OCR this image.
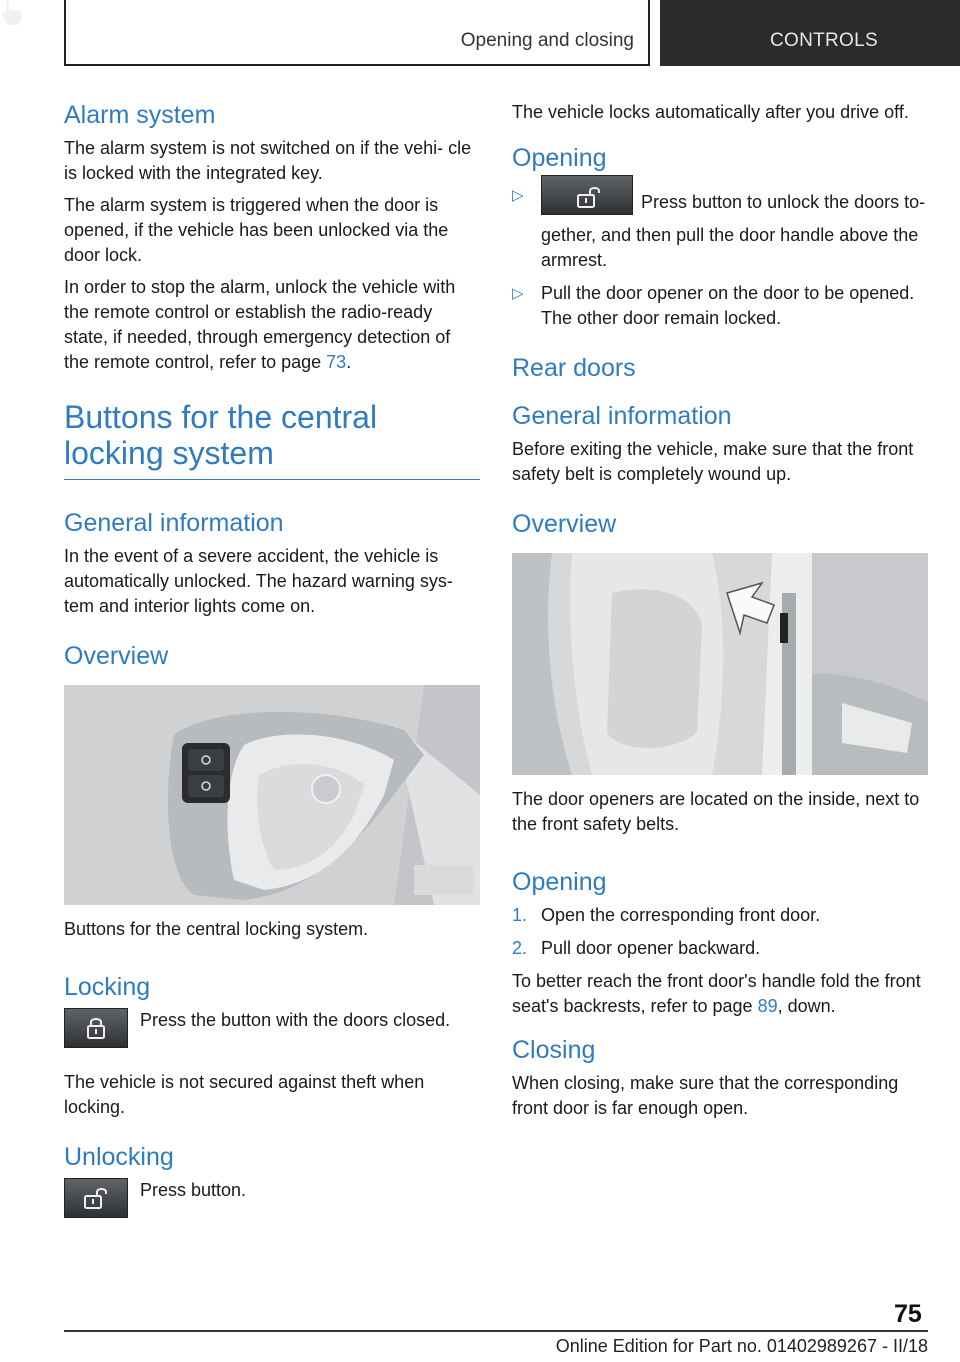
Opening and closing	CONTROLS
Alarm system

The alarm system is not switched on if the vehi- cle is locked with the integrated key.

The alarm system is triggered when the door is opened, if the vehicle has been unlocked via the door lock.

In order to stop the alarm, unlock the vehicle with the remote control or establish the radio-ready state, if needed, through emergency detection of the remote control, refer to page 73.

Buttons for the central locking system
General information

In the event of a severe accident, the vehicle is automatically unlocked. The hazard warning sys- tem and interior lights come on.

Overview

Buttons for the central locking system.

Locking

Press the button with the doors closed.

The vehicle is not secured against theft when locking.

Unlocking

Press button.

The vehicle locks automatically after you drive off.

Opening
▷	Press button to unlock the doors to- gether, and then pull the door handle above the armrest.
▷ Pull the door opener on the door to be opened. The other door remain locked.
Rear doors
General information

Before exiting the vehicle, make sure that the front safety belt is completely wound up.

Overview

The door openers are located on the inside, next to the front safety belts.

Opening
1. Open the corresponding front door.
2. Pull door opener backward.

To better reach the front door's handle fold the front seat's backrests, refer to page 89, down.

Closing

When closing, make sure that the corresponding front door is far enough open.

75
Online Edition for Part no. 01402989267 - II/18
